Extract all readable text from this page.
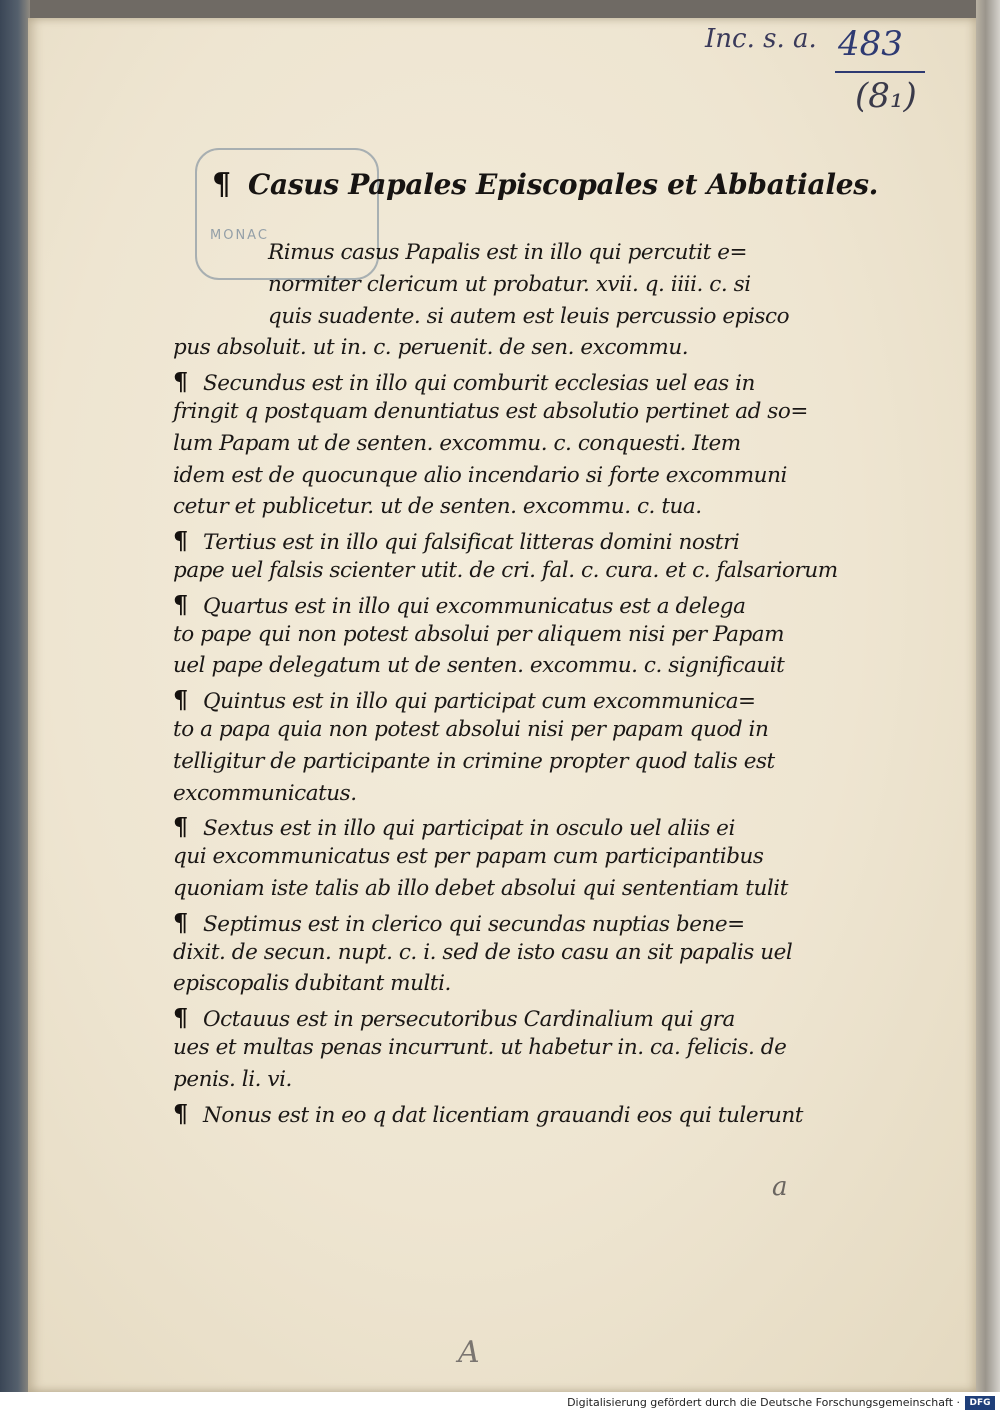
Inc. s. a. 483
(8₁)
MONAC
¶ Casus Papales Episcopales et Abbatiales.
Rimus casus Papalis est in illo qui percutit e=
normiter clericum ut probatur. xvii. q. iiii. c. si
quis suadente. si autem est leuis percussio episco
pus absoluit. ut in. c. peruenit. de sen. excommu.
¶ Secundus est in illo qui comburit ecclesias uel eas in
fringit q postquam denuntiatus est absolutio pertinet ad so=
lum Papam ut de senten. excommu. c. conquesti. Item
idem est de quocunque alio incendario si forte excommuni
cetur et publicetur. ut de senten. excommu. c. tua.
¶ Tertius est in illo qui falsificat litteras domini nostri
pape uel falsis scienter utit. de cri. fal. c. cura. et c. falsariorum
¶ Quartus est in illo qui excommunicatus est a delega
to pape qui non potest absolui per aliquem nisi per Papam
uel pape delegatum ut de senten. excommu. c. significauit
¶ Quintus est in illo qui participat cum excommunica=
to a papa quia non potest absolui nisi per papam quod in
telligitur de participante in crimine propter quod talis est
excommunicatus.
¶ Sextus est in illo qui participat in osculo uel aliis ei
qui excommunicatus est per papam cum participantibus
quoniam iste talis ab illo debet absolui qui sententiam tulit
¶ Septimus est in clerico qui secundas nuptias bene=
dixit. de secun. nupt. c. i. sed de isto casu an sit papalis uel
episcopalis dubitant multi.
¶ Octauus est in persecutoribus Cardinalium qui gra
ues et multas penas incurrunt. ut habetur in. ca. felicis. de
penis. li. vi.
¶ Nonus est in eo q dat licentiam grauandi eos qui tulerunt
a
A
Digitalisierung gefördert durch die Deutsche Forschungsgemeinschaft ·	DFG
